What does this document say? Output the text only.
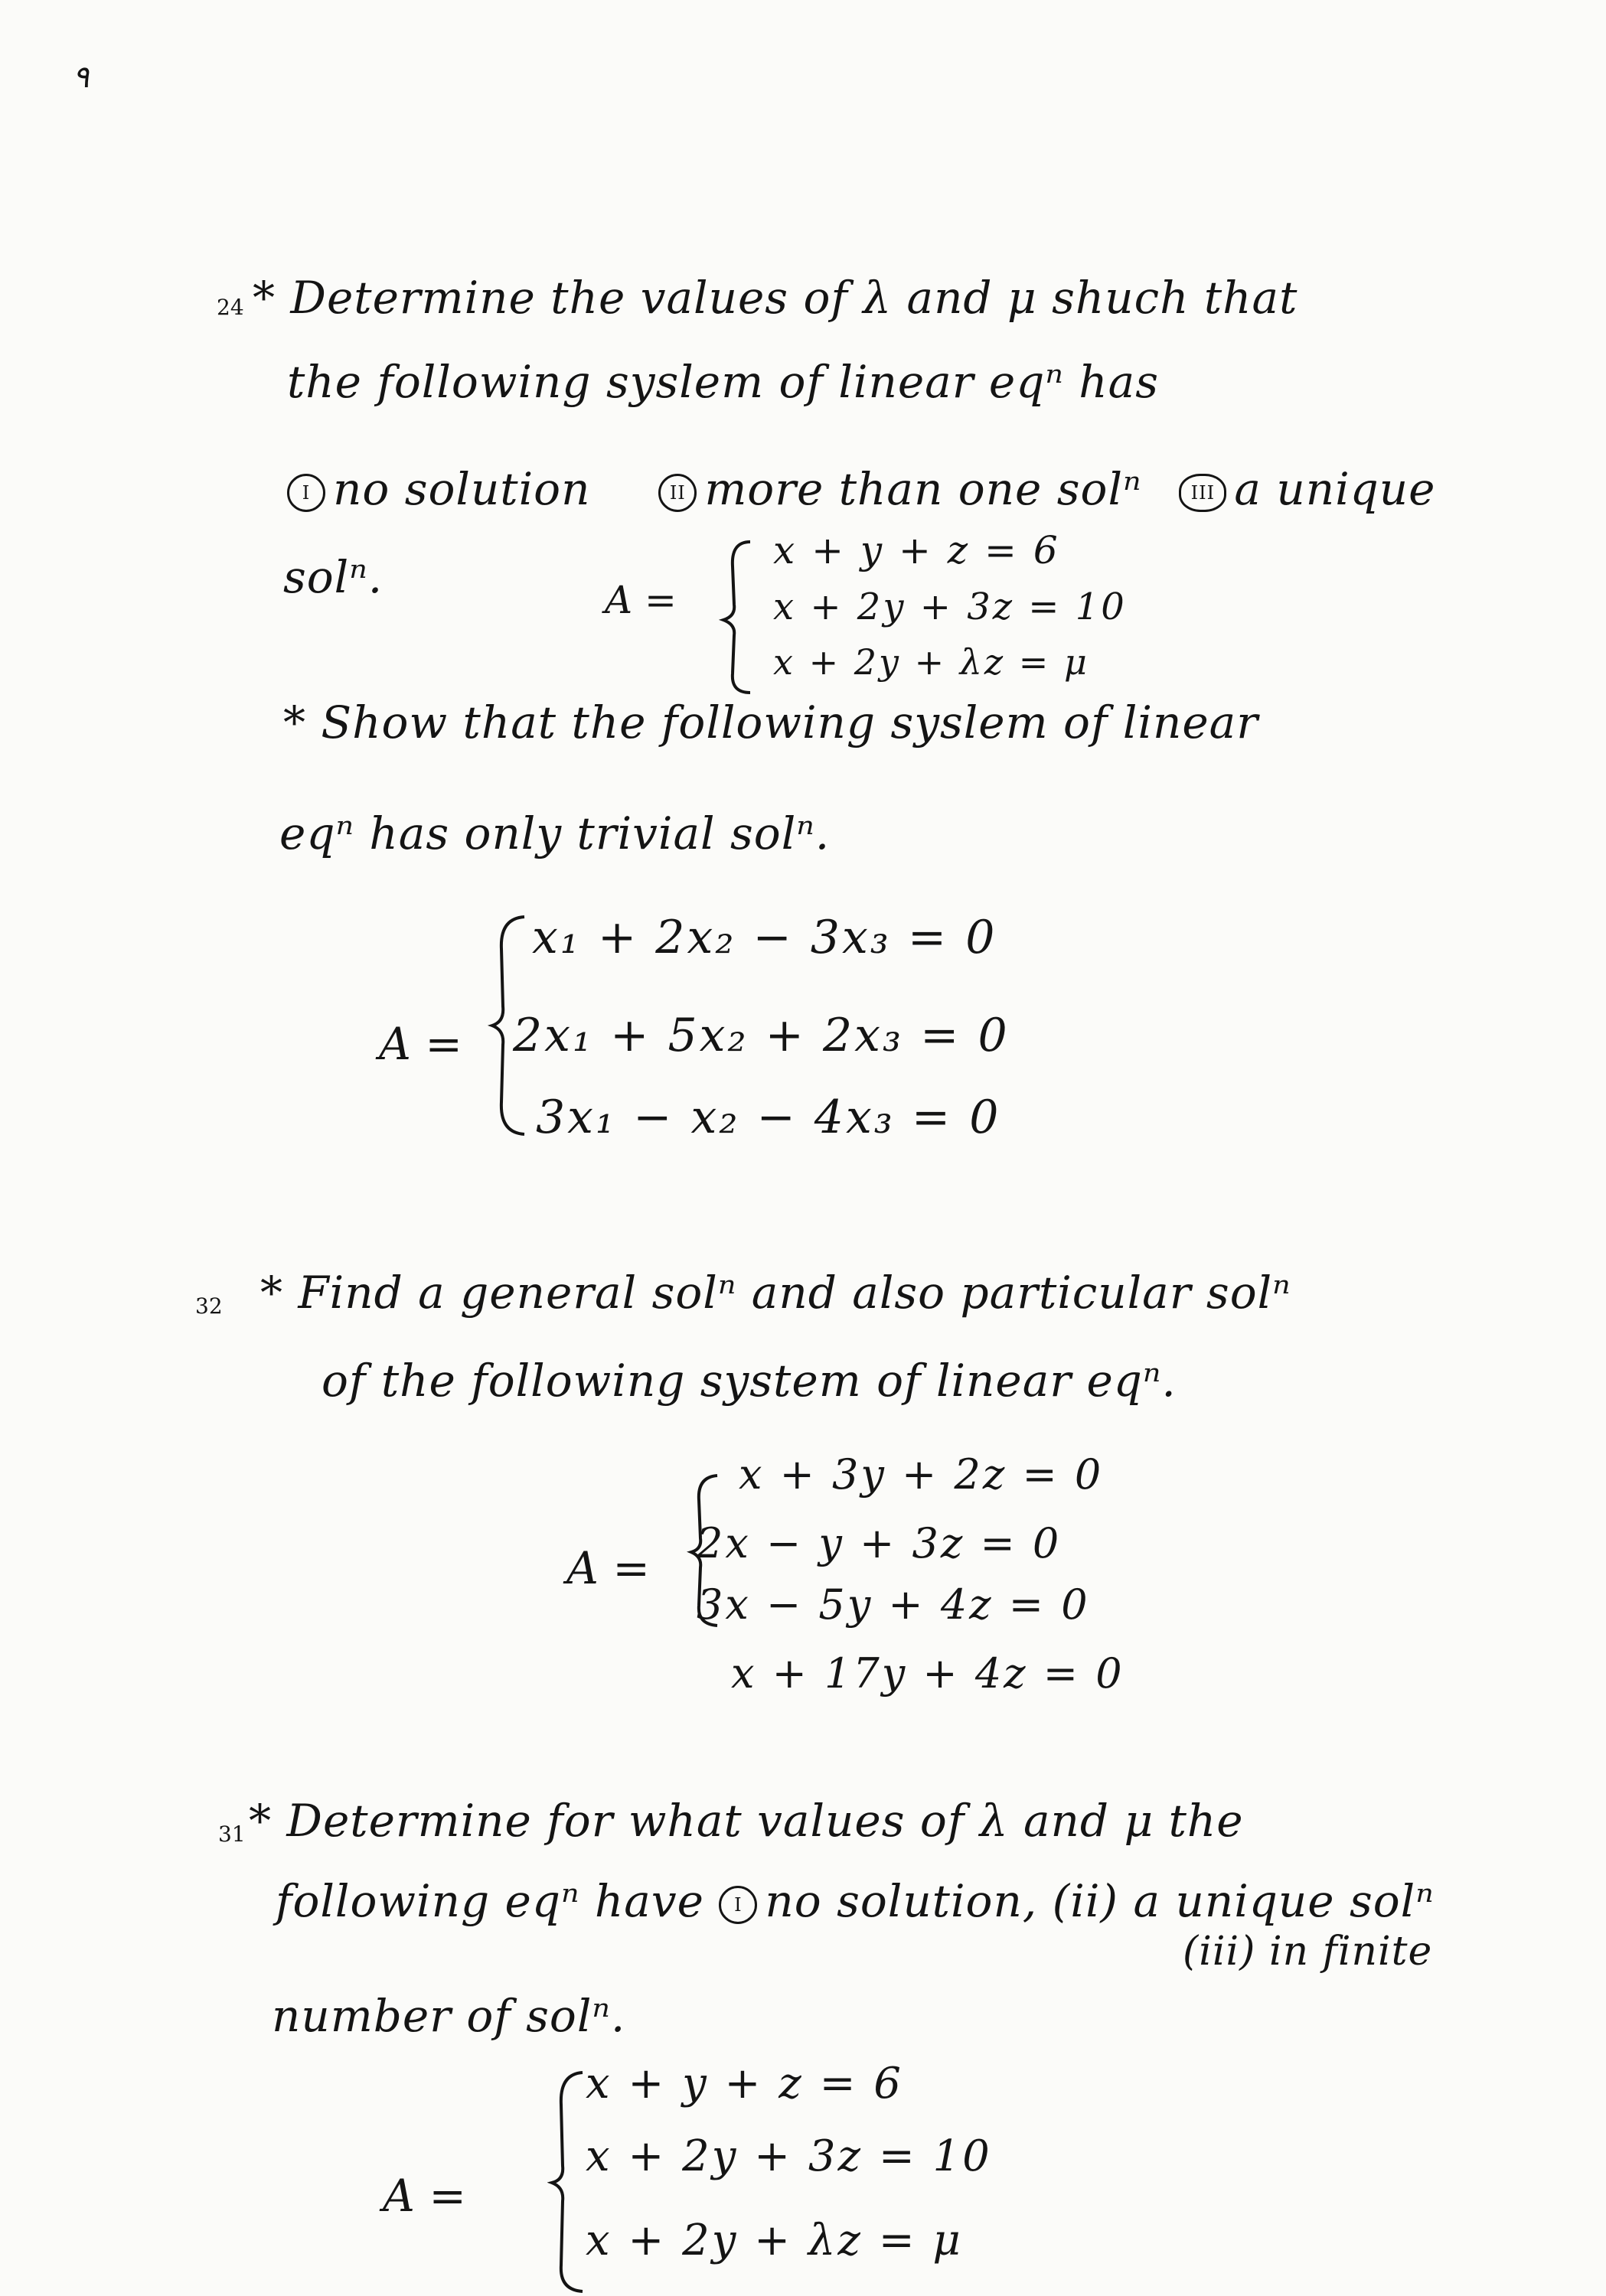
٩
24 * Determine the values of λ and μ shuch that
the following syslem of linear eqⁿ has
I no solution	II more than one solⁿ	III a unique
solⁿ.	A =
x + y + z = 6
x + 2y + 3z = 10
x + 2y + λz = μ
* Show that the following syslem of linear
eqⁿ has only trivial solⁿ.
A =
x₁ + 2x₂ − 3x₃ = 0
2x₁ + 5x₂ + 2x₃ = 0
3x₁ − x₂ − 4x₃ = 0
32 * Find a general solⁿ and also particular solⁿ
of the following system of linear eqⁿ.
A =
x + 3y + 2z = 0
2x − y + 3z = 0
3x − 5y + 4z = 0
x + 17y + 4z = 0
31 * Determine for what values of λ and μ the
following eqⁿ have I no solution, (ii) a unique solⁿ
(iii) in finite
number of solⁿ.
A =
x + y + z = 6
x + 2y + 3z = 10
x + 2y + λz = μ
